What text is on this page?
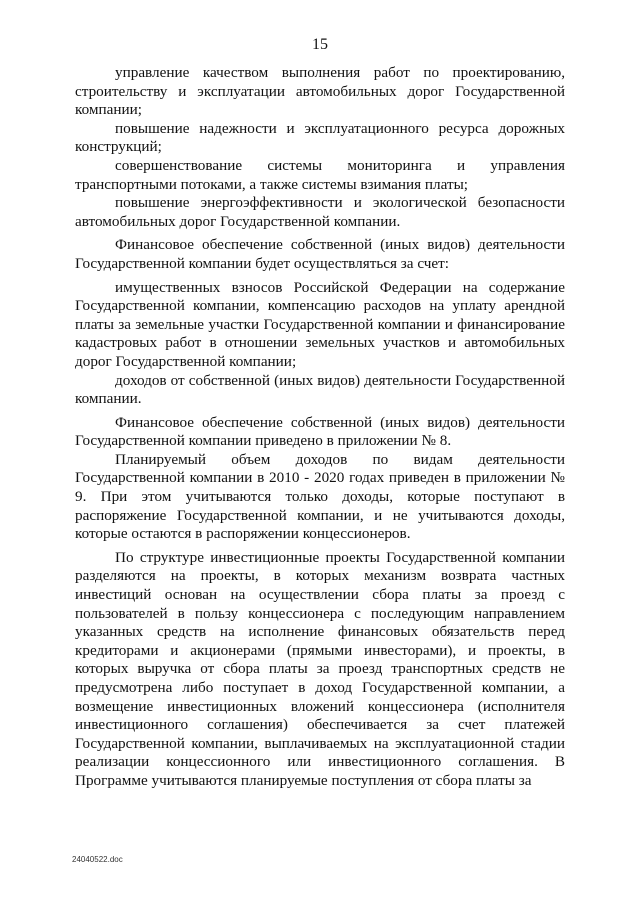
15

управление качеством выполнения работ по проектированию, строительству и эксплуатации автомобильных дорог Государственной компании;

повышение надежности и эксплуатационного ресурса дорожных конструкций;

совершенствование системы мониторинга и управления транспортными потоками, а также системы взимания платы;

повышение энергоэффективности и экологической безопасности автомобильных дорог Государственной компании.

Финансовое обеспечение собственной (иных видов) деятельности Государственной компании будет осуществляться за счет:

имущественных взносов Российской Федерации на содержание Государственной компании, компенсацию расходов на уплату арендной платы за земельные участки Государственной компании и финансирование кадастровых работ в отношении земельных участков и автомобильных дорог Государственной компании;

доходов от собственной (иных видов) деятельности Государственной компании.

Финансовое обеспечение собственной (иных видов) деятельности Государственной компании приведено в приложении № 8.

Планируемый объем доходов по видам деятельности Государственной компании в 2010 - 2020 годах приведен в приложении № 9. При этом учитываются только доходы, которые поступают в распоряжение Государственной компании, и не учитываются доходы, которые остаются в распоряжении концессионеров.

По структуре инвестиционные проекты Государственной компании разделяются на проекты, в которых механизм возврата частных инвестиций основан на осуществлении сбора платы за проезд с пользователей в пользу концессионера с последующим направлением указанных средств на исполнение финансовых обязательств перед кредиторами и акционерами (прямыми инвесторами), и проекты, в которых выручка от сбора платы за проезд транспортных средств не предусмотрена либо поступает в доход Государственной компании, а возмещение инвестиционных вложений концессионера (исполнителя инвестиционного соглашения) обеспечивается за счет платежей Государственной компании, выплачиваемых на эксплуатационной стадии реализации концессионного или инвестиционного соглашения. В Программе учитываются планируемые поступления от сбора платы за

24040522.doc
